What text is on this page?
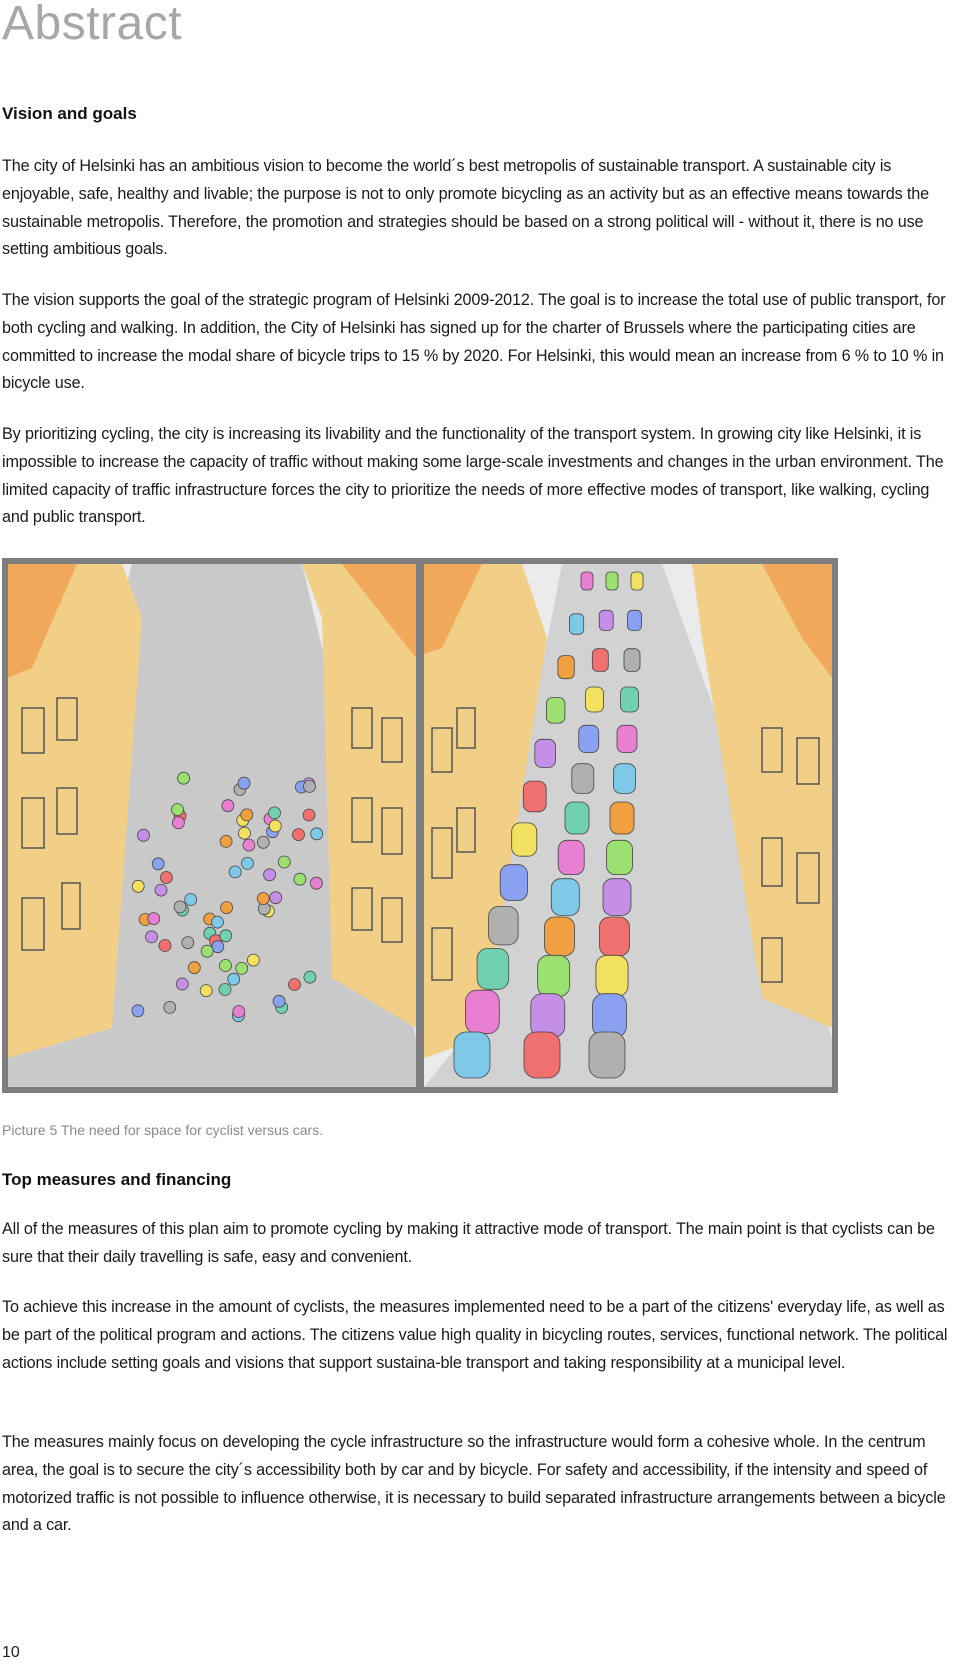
Abstract
Vision and goals

The city of Helsinki has an ambitious vision to become the world´s best metropolis of sustainable transport. A sustainable city is enjoyable, safe, healthy and livable; the purpose is not to only promote bicycling as an activity but as an effective means towards the sustainable metropolis. Therefore, the promotion and strategies should be based on a strong political will - without it, there is no use setting ambitious goals.

The vision supports the goal of the strategic program of Helsinki 2009-2012. The goal is to increase the total use of public transport, for both cycling and walking. In addition, the City of Helsinki has signed up for the charter of Brussels where the participating cities are committed to increase the modal share of bicycle trips to 15 % by 2020. For Helsinki, this would mean an increase from 6 % to 10 % in bicycle use.

By prioritizing cycling, the city is increasing its livability and the functionality of the transport system. In growing city like Helsinki, it is impossible to increase the capacity of traffic without making some large-scale investments and changes in the urban environment. The limited capacity of traffic infrastructure forces the city to prioritize the needs of more effective modes of transport, like walking, cycling and public transport.

Picture 5 The need for space for cyclist versus cars.

Top measures and financing

All of the measures of this plan aim to promote cycling by making it attractive mode of transport. The main point is that cyclists can be sure that their daily travelling is safe, easy and convenient.

To achieve this increase in the amount of cyclists, the measures implemented need to be a part of the citizens' everyday life, as well as be part of the political program and actions. The citizens value high quality in bicycling routes, services, functional network. The political actions include setting goals and visions that support sustaina-ble transport and taking responsibility at a municipal level.

The measures mainly focus on developing the cycle infrastructure so the infrastructure would form a cohesive whole. In the centrum area, the goal is to secure the city´s accessibility both by car and by bicycle. For safety and accessibility, if the intensity and speed of motorized traffic is not possible to influence otherwise, it is necessary to build separated infrastructure arrangements between a bicycle and a car.

10
